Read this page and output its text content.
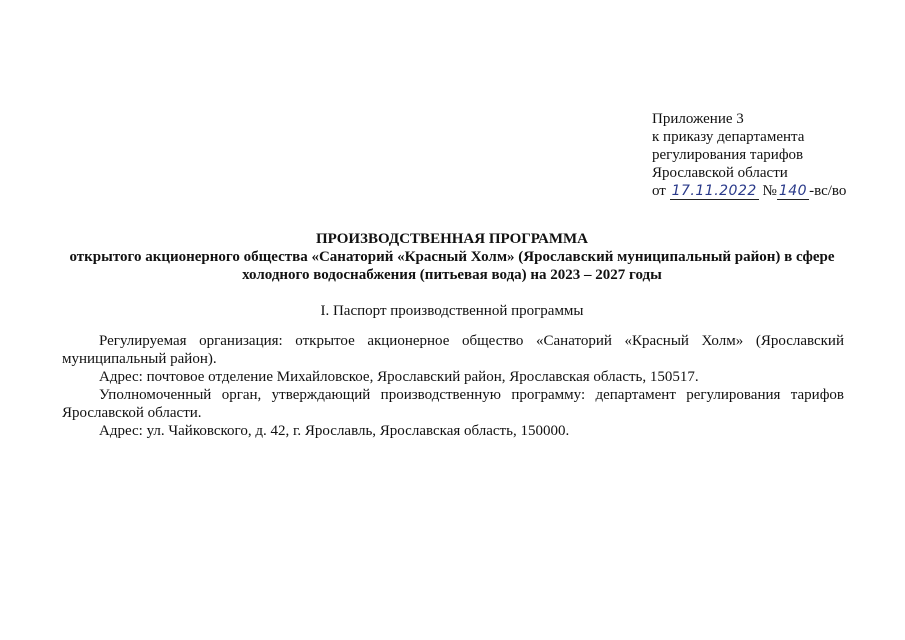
Приложение 3
к приказу департамента
регулирования тарифов
Ярославской области
от 17.11.2022 № 140 -вс/во
ПРОИЗВОДСТВЕННАЯ ПРОГРАММА
открытого акционерного общества «Санаторий «Красный Холм» (Ярославский муниципальный район) в сфере
холодного водоснабжения (питьевая вода) на 2023 – 2027 годы
I. Паспорт производственной программы

Регулируемая организация: открытое акционерное общество «Санаторий «Красный Холм» (Ярославский муниципальный район).

Адрес: почтовое отделение Михайловское, Ярославский район, Ярославская область, 150517.

Уполномоченный орган, утверждающий производственную программу: департамент регулирования тарифов Ярославской области.

Адрес: ул. Чайковского, д. 42, г. Ярославль, Ярославская область, 150000.
